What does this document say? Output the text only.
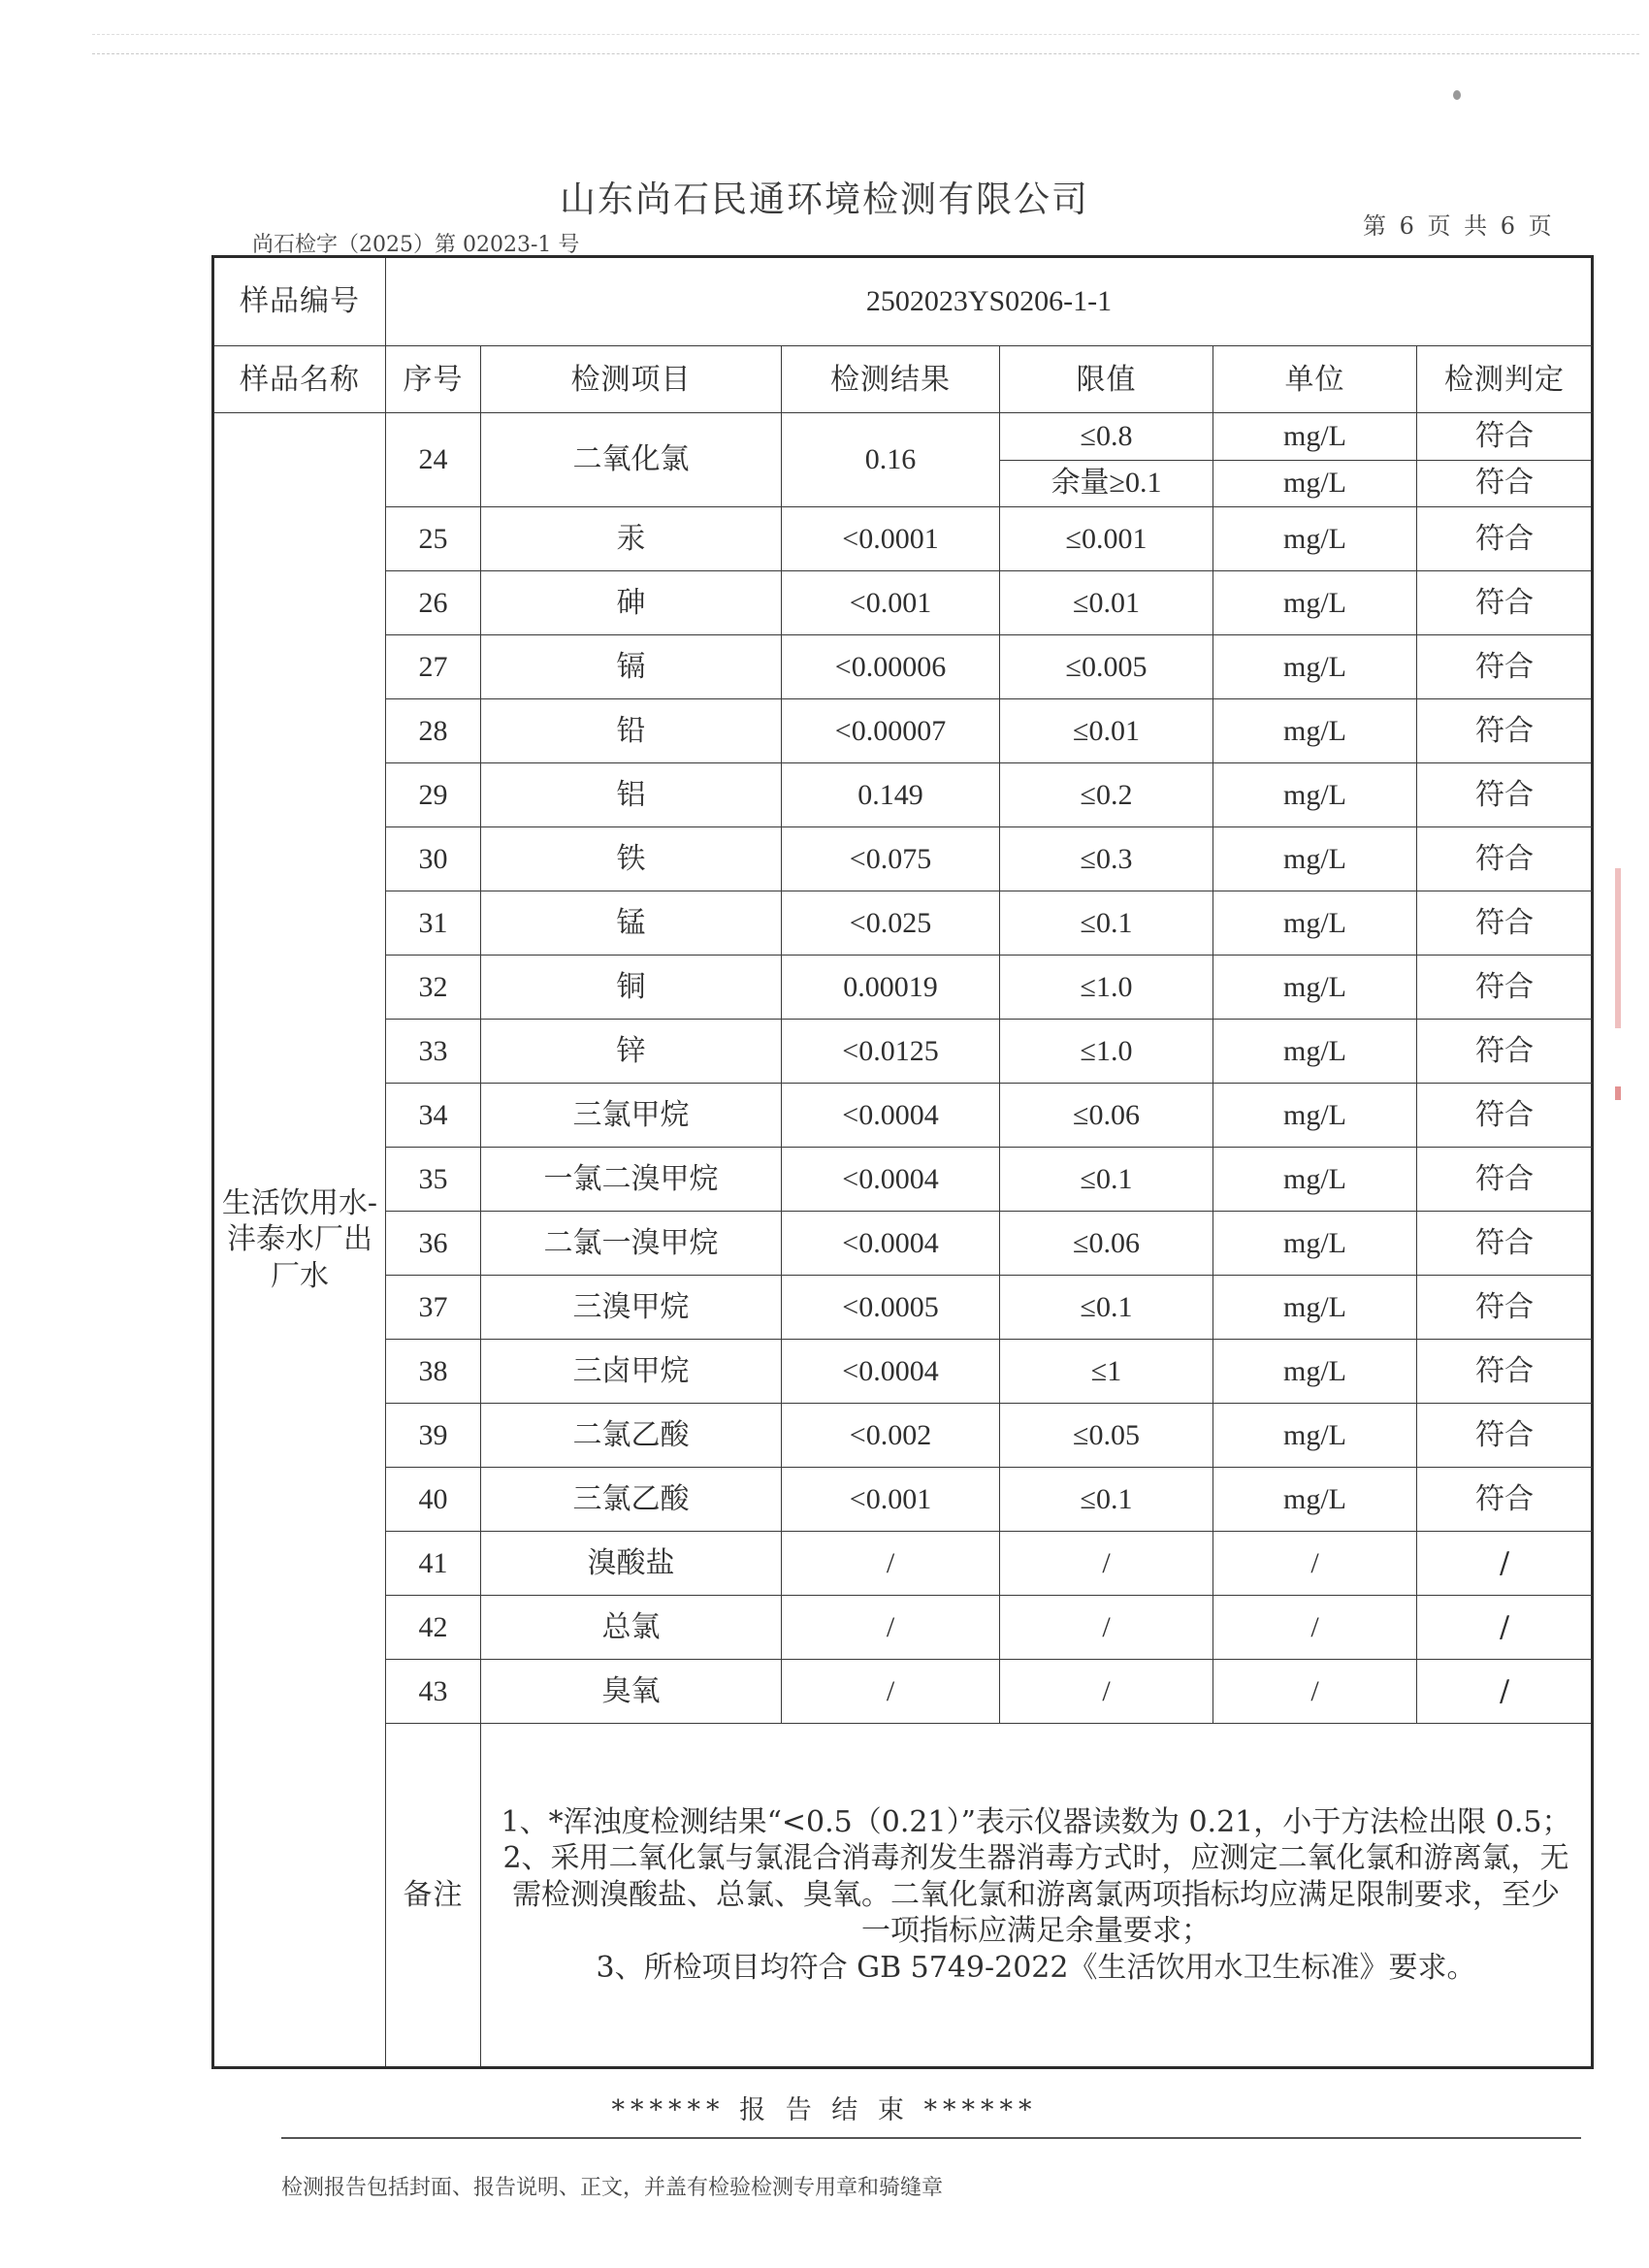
山东尚石民通环境检测有限公司
尚石检字（2025）第 02023-1 号
第 6 页 共 6 页
样品编号	2502023YS0206-1-1					
样品名称	序号	检测项目	检测结果	限值	单位	检测判定
生活饮用水-沣泰水厂出厂水	24	二氧化氯	0.16	≤0.8	mg/L	符合
				余量≥0.1	mg/L	符合
	25	汞	<0.0001	≤0.001	mg/L	符合
	26	砷	<0.001	≤0.01	mg/L	符合
	27	镉	<0.00006	≤0.005	mg/L	符合
	28	铅	<0.00007	≤0.01	mg/L	符合
	29	铝	0.149	≤0.2	mg/L	符合
	30	铁	<0.075	≤0.3	mg/L	符合
	31	锰	<0.025	≤0.1	mg/L	符合
	32	铜	0.00019	≤1.0	mg/L	符合
	33	锌	<0.0125	≤1.0	mg/L	符合
	34	三氯甲烷	<0.0004	≤0.06	mg/L	符合
	35	一氯二溴甲烷	<0.0004	≤0.1	mg/L	符合
	36	二氯一溴甲烷	<0.0004	≤0.06	mg/L	符合
	37	三溴甲烷	<0.0005	≤0.1	mg/L	符合
	38	三卤甲烷	<0.0004	≤1	mg/L	符合
	39	二氯乙酸	<0.002	≤0.05	mg/L	符合
	40	三氯乙酸	<0.001	≤0.1	mg/L	符合
	41	溴酸盐	/	/	/	/
	42	总氯	/	/	/	/
	43	臭氧	/	/	/	/
	备注	1、*浑浊度检测结果“<0.5（0.21）”表示仪器读数为 0.21，小于方法检出限 0.5；
2、采用二氧化氯与氯混合消毒剂发生器消毒方式时，应测定二氧化氯和游离氯，无
需检测溴酸盐、总氯、臭氧。二氧化氯和游离氯两项指标均应满足限制要求，至少
一项指标应满足余量要求；
3、所检项目均符合 GB 5749-2022《生活饮用水卫生标准》要求。				
****** 报 告 结 束 ******
检测报告包括封面、报告说明、正文，并盖有检验检测专用章和骑缝章
